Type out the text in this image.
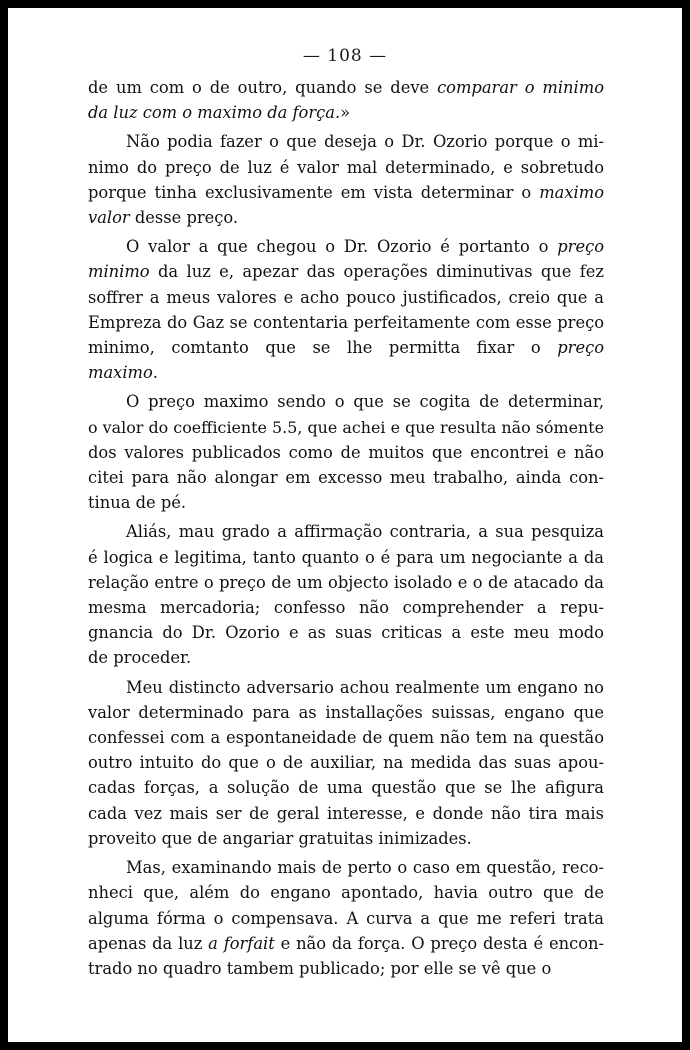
— 108 —
de um com o de outro, quando se deve comparar o minimo
da luz com o maximo da força.»
Não podia fazer o que deseja o Dr. Ozorio porque o mi-
nimo do preço de luz é valor mal determinado, e sobretudo
porque tinha exclusivamente em vista determinar o maximo
valor desse preço.
O valor a que chegou o Dr. Ozorio é portanto o preço
minimo da luz e, apezar das operações diminutivas que fez
soffrer a meus valores e acho pouco justificados, creio que a
Empreza do Gaz se contentaria perfeitamente com esse preço
minimo, comtanto que se lhe permitta fixar o preço
maximo.
O preço maximo sendo o que se cogita de determinar,
o valor do coefficiente 5.5, que achei e que resulta não sómente
dos valores publicados como de muitos que encontrei e não
citei para não alongar em excesso meu trabalho, ainda con-
tinua de pé.
Aliás, mau grado a affirmação contraria, a sua pesquiza
é logica e legitima, tanto quanto o é para um negociante a da
relação entre o preço de um objecto isolado e o de atacado da
mesma mercadoria; confesso não comprehender a repu-
gnancia do Dr. Ozorio e as suas criticas a este meu modo
de proceder.
Meu distincto adversario achou realmente um engano no
valor determinado para as installações suissas, engano que
confessei com a espontaneidade de quem não tem na questão
outro intuito do que o de auxiliar, na medida das suas apou-
cadas forças, a solução de uma questão que se lhe afigura
cada vez mais ser de geral interesse, e donde não tira mais
proveito que de angariar gratuitas inimizades.
Mas, examinando mais de perto o caso em questão, reco-
nheci que, além do engano apontado, havia outro que de
alguma fórma o compensava. A curva a que me referi trata
apenas da luz a forfait e não da força. O preço desta é encon-
trado no quadro tambem publicado; por elle se vê que o
